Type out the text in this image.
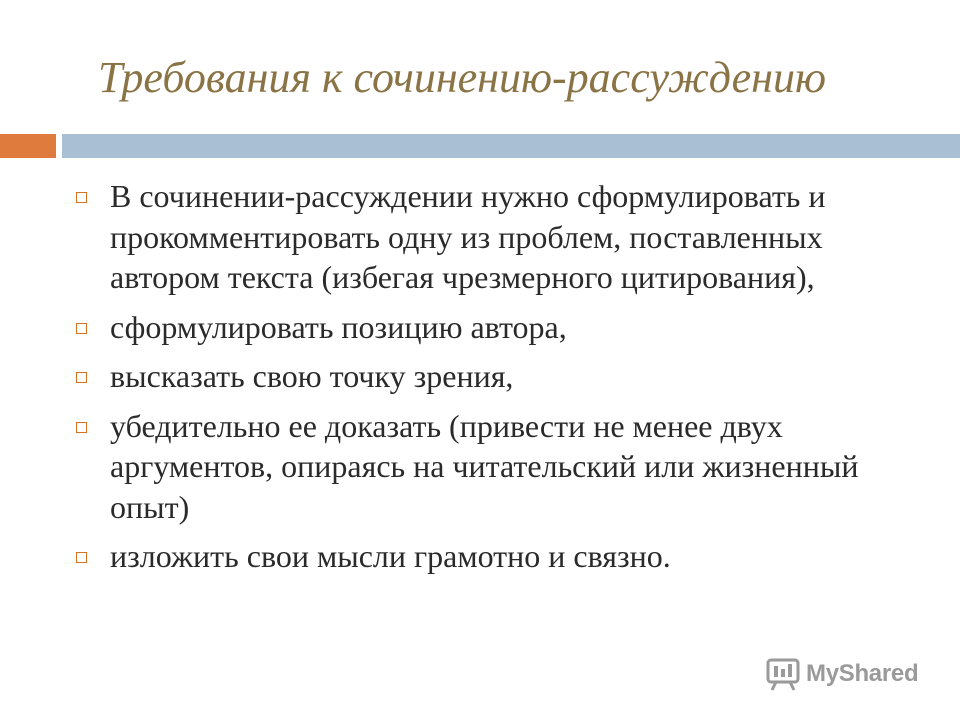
Требования к сочинению-рассуждению
В сочинении-рассуждении нужно сформулировать и прокомментировать одну из проблем, поставленных автором текста (избегая чрезмерного цитирования),
сформулировать позицию автора,
высказать свою точку зрения,
убедительно ее доказать (привести не менее двух аргументов, опираясь на читательский или жизненный опыт)
изложить свои мысли грамотно и связно.
MyShared
